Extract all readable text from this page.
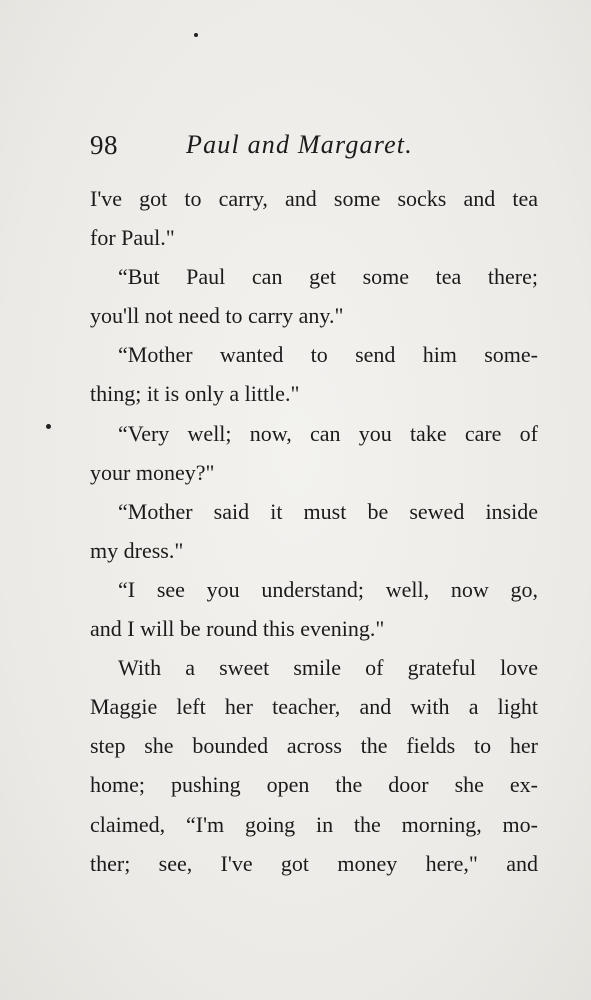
98	Paul and Margaret.
I've got to carry, and some socks and tea
for Paul."
“But Paul can get some tea there;
you'll not need to carry any."
“Mother wanted to send him some-
thing; it is only a little."
“Very well; now, can you take care of
your money?"
“Mother said it must be sewed inside
my dress."
“I see you understand; well, now go,
and I will be round this evening."
With a sweet smile of grateful love
Maggie left her teacher, and with a light
step she bounded across the fields to her
home; pushing open the door she ex-
claimed, “I'm going in the morning, mo-
ther; see, I've got money here," and
